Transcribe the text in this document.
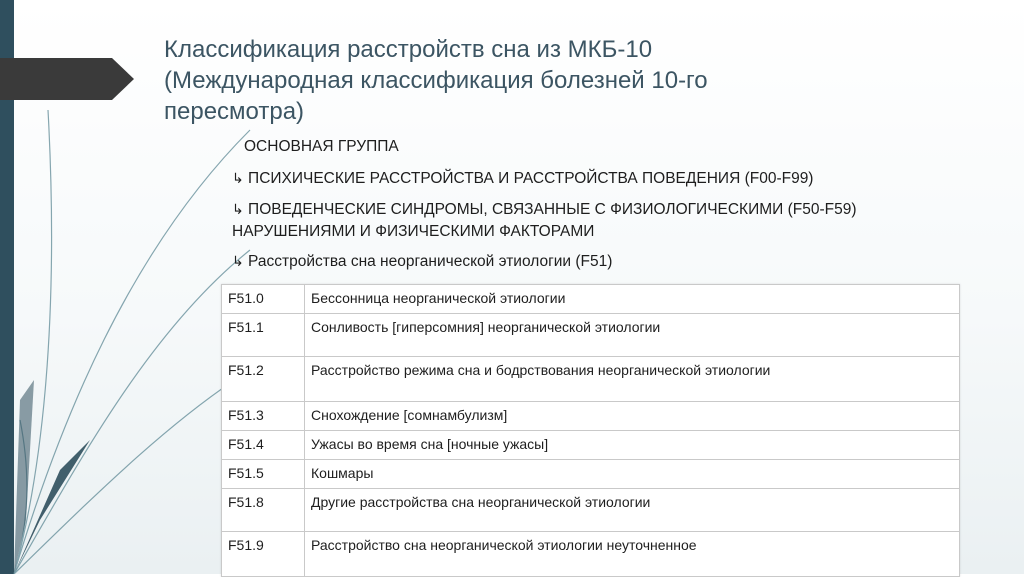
Классификация расстройств сна из МКБ-10
(Международная классификация болезней 10-го
пересмотра)
ОСНОВНАЯ ГРУППА
↳ ПСИХИЧЕСКИЕ РАССТРОЙСТВА И РАССТРОЙСТВА ПОВЕДЕНИЯ (F00-F99)
↳ ПОВЕДЕНЧЕСКИЕ СИНДРОМЫ, СВЯЗАННЫЕ С ФИЗИОЛОГИЧЕСКИМИ (F50-F59) НАРУШЕНИЯМИ И ФИЗИЧЕСКИМИ ФАКТОРАМИ
↳ Расстройства сна неорганической этиологии (F51)
F51.0	Бессонница неорганической этиологии
F51.1	Сонливость [гиперсомния] неорганической этиологии
F51.2	Расстройство режима сна и бодрствования неорганической этиологии
F51.3	Снохождение [сомнамбулизм]
F51.4	Ужасы во время сна [ночные ужасы]
F51.5	Кошмары
F51.8	Другие расстройства сна неорганической этиологии
F51.9	Расстройство сна неорганической этиологии неуточненное
